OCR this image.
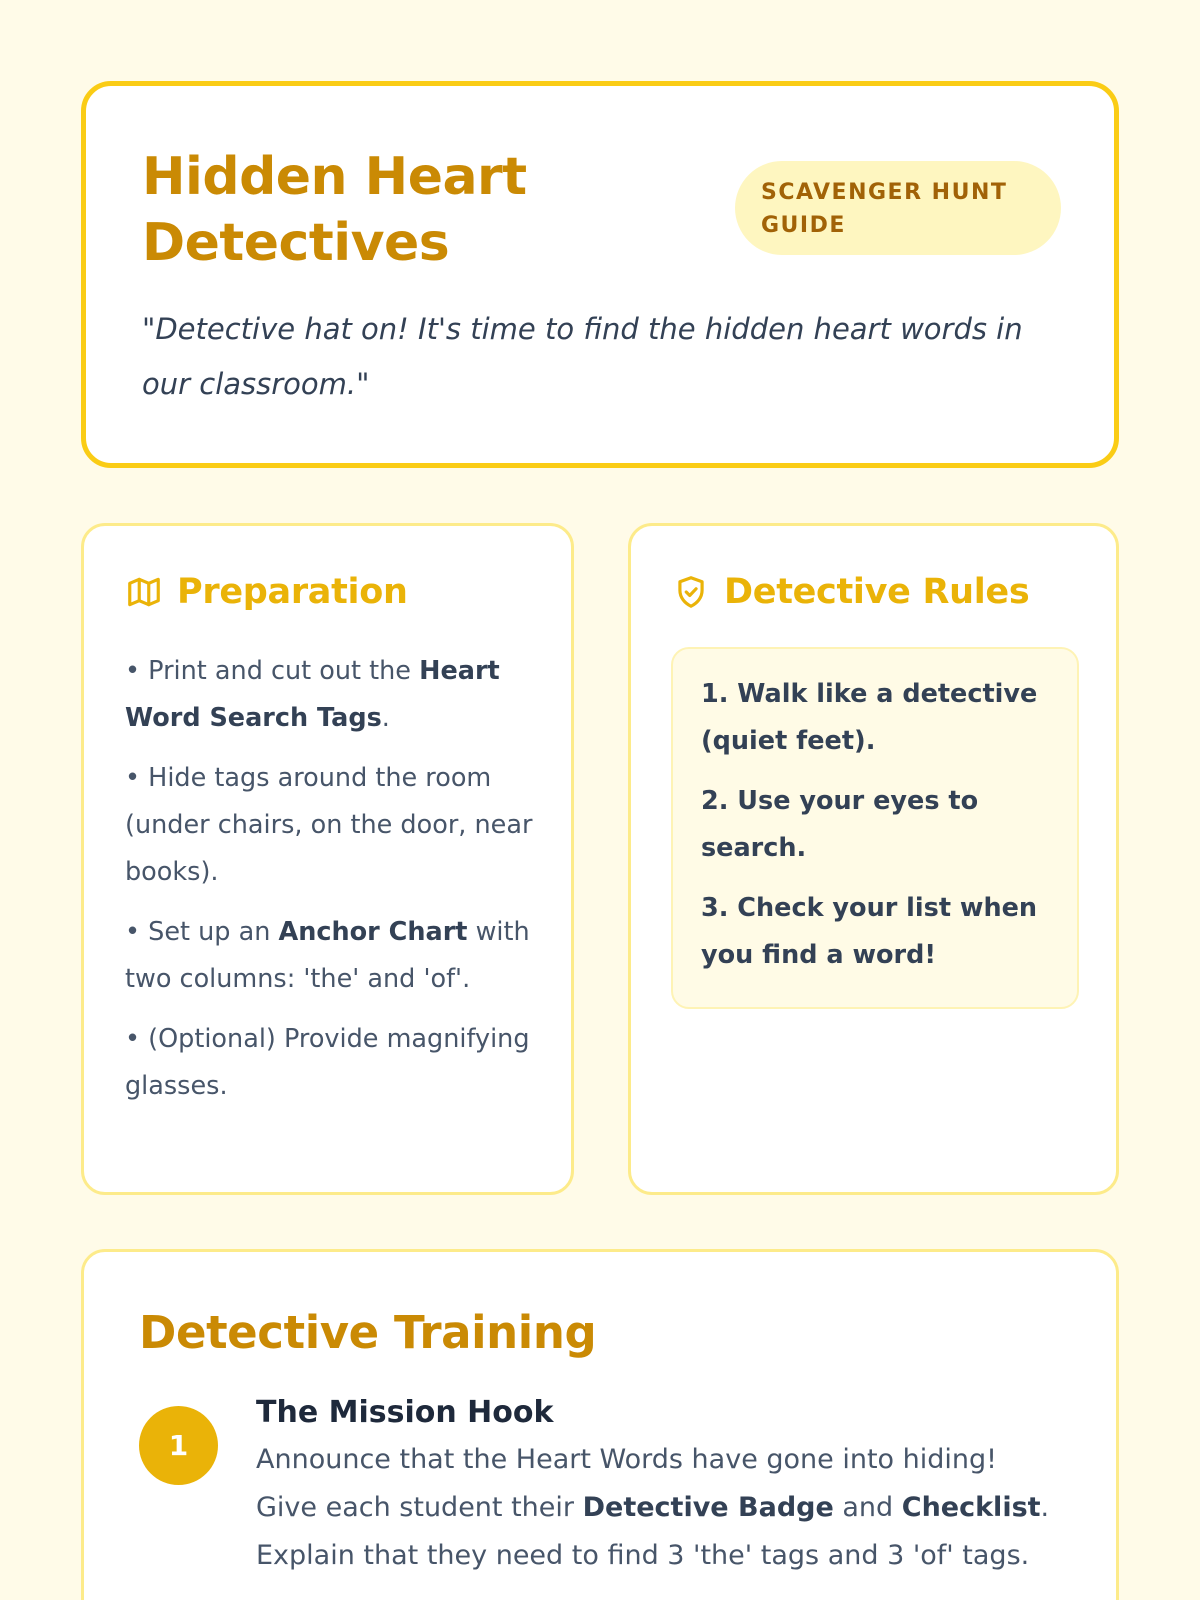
Hidden Heart Detectives
SCAVENGER HUNT GUIDE

"Detective hat on! It's time to find the hidden heart words in our classroom."

Preparation

• Print and cut out the Heart Word Search Tags.

• Hide tags around the room (under chairs, on the door, near books).

• Set up an Anchor Chart with two columns: 'the' and 'of'.

• (Optional) Provide magnifying glasses.

Detective Rules

1. Walk like a detective (quiet feet).

2. Use your eyes to search.

3. Check your list when you find a word!

Detective Training
1
The Mission Hook

Announce that the Heart Words have gone into hiding! Give each student their Detective Badge and Checklist. Explain that they need to find 3 'the' tags and 3 'of' tags.
